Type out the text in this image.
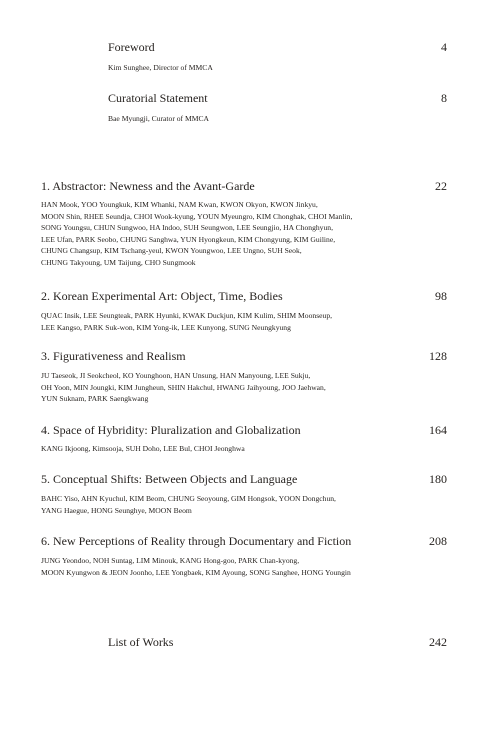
Foreword	4
Kim Sunghee, Director of MMCA
Curatorial Statement	8
Bae Myungji, Curator of MMCA
1. Abstractor: Newness and the Avant-Garde	22
HAN Mook, YOO Youngkuk, KIM Whanki, NAM Kwan, KWON Okyon, KWON Jinkyu,
MOON Shin, RHEE Seundja, CHOI Wook-kyung, YOUN Myeungro, KIM Chonghak, CHOI Manlin,
SONG Youngsu, CHUN Sungwoo, HA Indoo, SUH Seungwon, LEE Seungjio, HA Chonghyun,
LEE Ufan, PARK Seobo, CHUNG Sanghwa, YUN Hyongkeun, KIM Chongyung, KIM Guiline,
CHUNG Changsup, KIM Tschang-yeul, KWON Youngwoo, LEE Ungno, SUH Seok,
CHUNG Takyoung, UM Taijung, CHO Sungmook
2. Korean Experimental Art: Object, Time, Bodies	98
QUAC Insik, LEE Seungteak, PARK Hyunki, KWAK Duckjun, KIM Kulim, SHIM Moonseup,
LEE Kangso, PARK Suk-won, KIM Yong-ik, LEE Kunyong, SUNG Neungkyung
3. Figurativeness and Realism	128
JU Taeseok, JI Seokcheol, KO Younghoon, HAN Unsung, HAN Manyoung, LEE Sukju,
OH Yoon, MIN Joungki, KIM Jungheun, SHIN Hakchul, HWANG Jaihyoung, JOO Jaehwan,
YUN Suknam, PARK Saengkwang
4. Space of Hybridity: Pluralization and Globalization	164
KANG Ikjoong, Kimsooja, SUH Doho, LEE Bul, CHOI Jeonghwa
5. Conceptual Shifts: Between Objects and Language	180
BAHC Yiso, AHN Kyuchul, KIM Beom, CHUNG Seoyoung, GIM Hongsok, YOON Dongchun,
YANG Haegue, HONG Seunghye, MOON Beom
6. New Perceptions of Reality through Documentary and Fiction	208
JUNG Yeondoo, NOH Suntag, LIM Minouk, KANG Hong-goo, PARK Chan-kyong,
MOON Kyungwon & JEON Joonho, LEE Yongbaek, KIM Ayoung, SONG Sanghee, HONG Youngin
List of Works	242
